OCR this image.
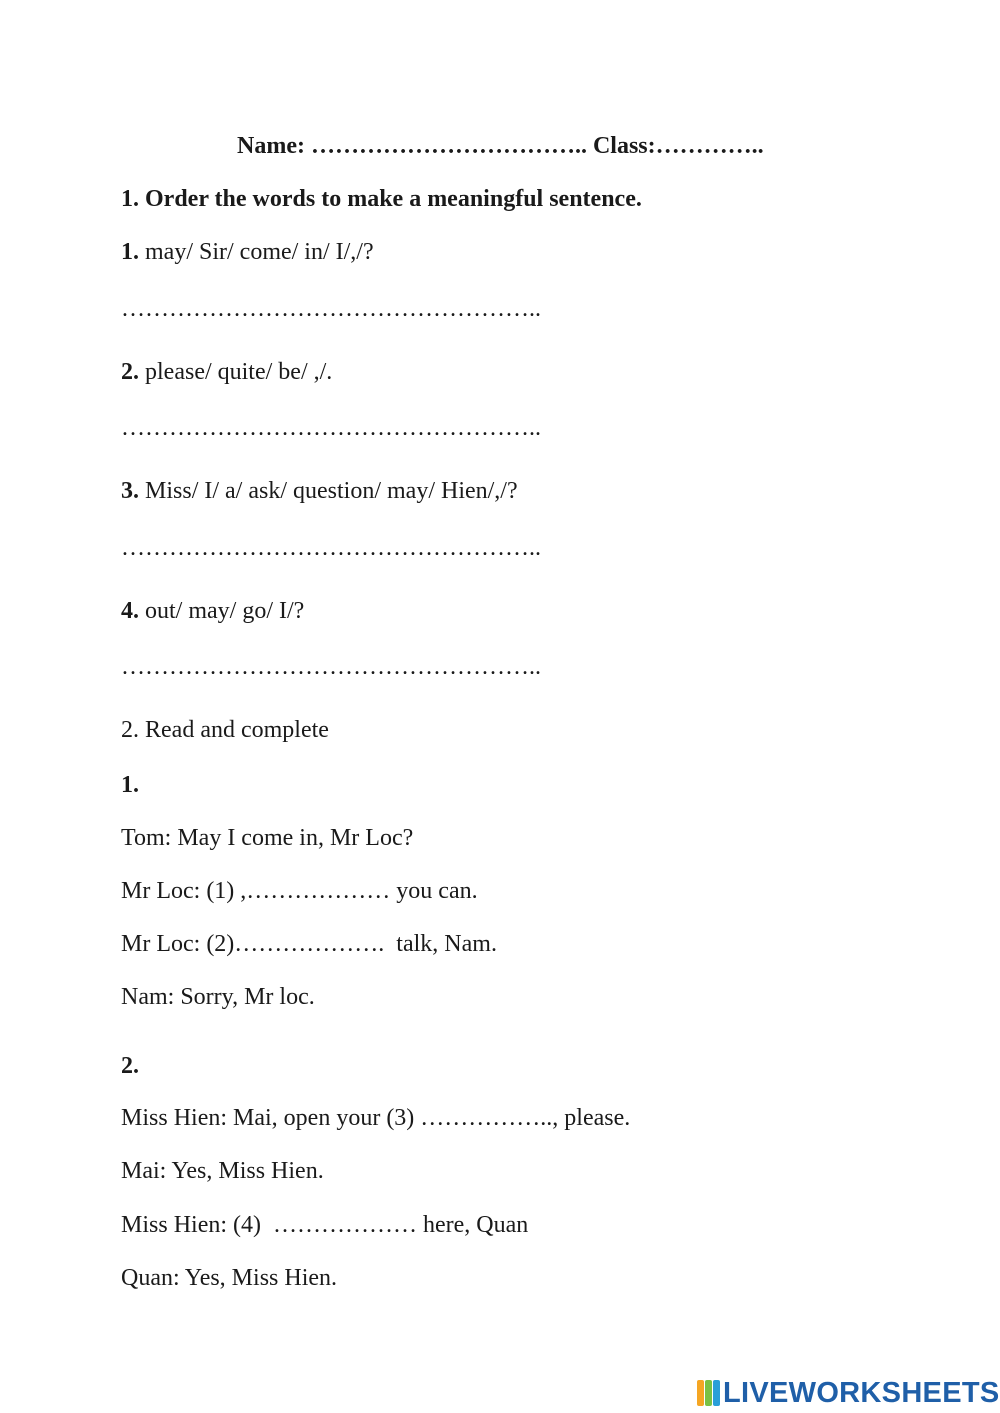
Name: …………………………….. Class:…………..
1. Order the words to make a meaningful sentence.
1. may/ Sir/ come/ in/ I/,/?
……………………………………………..
2. please/ quite/ be/ ,/.
……………………………………………..
3. Miss/ I/ a/ ask/ question/ may/ Hien/,/?
……………………………………………..
4. out/ may/ go/ I/?
……………………………………………..
2. Read and complete
1.
Tom: May I come in, Mr Loc?
Mr Loc: (1) ,……………… you can.
Mr Loc: (2)……………….  talk, Nam.
Nam: Sorry, Mr loc.
2.
Miss Hien: Mai, open your (3) …………….., please.
Mai: Yes, Miss Hien.
Miss Hien: (4)  ……………… here, Quan
Quan: Yes, Miss Hien.
LIVEWORKSHEETS
